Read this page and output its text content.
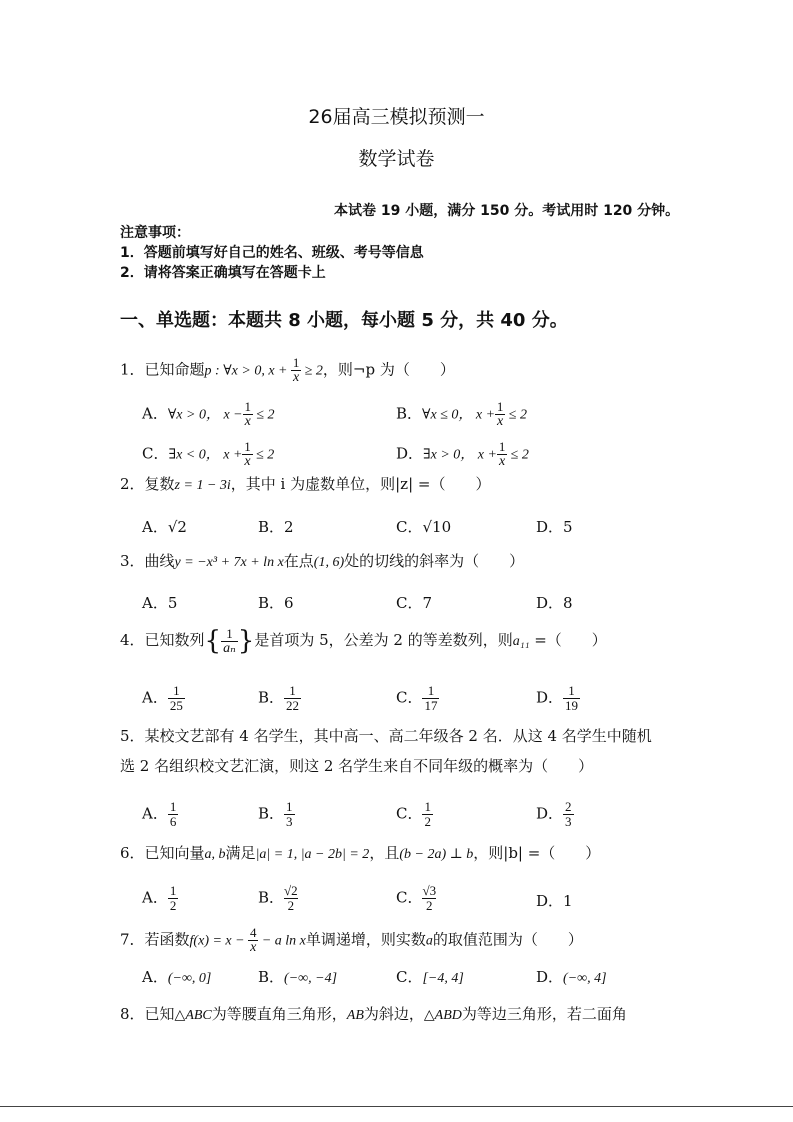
26届高三模拟预测一
数学试卷
本试卷 19 小题，满分 150 分。考试用时 120 分钟。
注意事项：
1．答题前填写好自己的姓名、班级、考号等信息
2．请将答案正确填写在答题卡上
一、单选题：本题共 8 小题，每小题 5 分，共 40 分。
1．已知命题p : ∀x > 0, $x + \frac{1}{x} \ge 2$，则¬p 为（　　）
A．∀x > 0， $x - \frac{1}{x} \le 2$	B．∀x ≤ 0， $x + \frac{1}{x} \le 2$
C．∃x < 0， $x + \frac{1}{x} \le 2$	D．∃x > 0， $x + \frac{1}{x} \le 2$
2．复数z = 1 − 3i，其中 i 为虚数单位，则|z| =（　　）
A．√2	B．2	C．√10	D．5
3．曲线y = −x³ + 7x + ln x在点(1, 6)处的切线的斜率为（　　）
A．5	B．6	C．7	D．8
4．已知数列{ $\frac{1}{\text{aₙ}}$ }是首项为 5，公差为 2 的等差数列，则a₁₁ =（　　）
A． $\frac{1}{25}$	B． $\frac{1}{22}$	C． $\frac{1}{17}$	D． $\frac{1}{19}$
5．某校文艺部有 4 名学生，其中高一、高二年级各 2 名．从这 4 名学生中随机
选 2 名组织校文艺汇演，则这 2 名学生来自不同年级的概率为（　　）
A． $\frac{1}{6}$	B． $\frac{1}{3}$	C． $\frac{1}{2}$	D． $\frac{2}{3}$
6．已知向量a, b满足|a| = 1, |a − 2b| = 2，且(b − 2a) ⊥ b，则|b| =（　　）
A． $\frac{1}{2}$	B． $\frac{√2}{2}$	C． $\frac{√3}{2}$	D．1
7．若函数$f(x) = x - \frac{4}{x} - a$ ln x单调递增，则实数a的取值范围为（　　）
A．(−∞, 0]	B．(−∞, −4]	C．[−4, 4]	D．(−∞, 4]
8．已知△ABC为等腰直角三角形，AB为斜边，△ABD为等边三角形，若二面角
